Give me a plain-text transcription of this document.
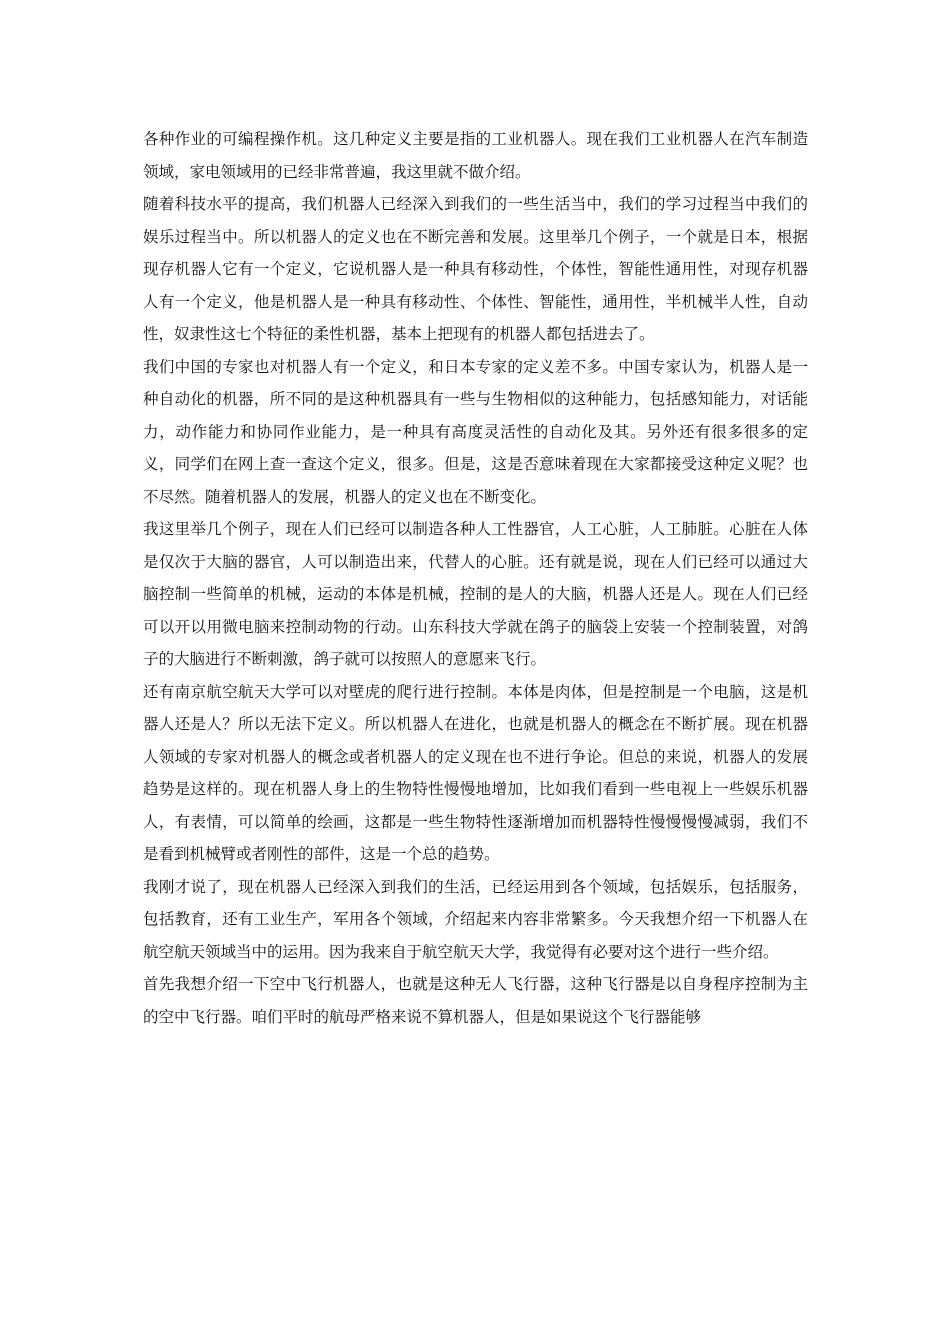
各种作业的可编程操作机。这几种定义主要是指的工业机器人。现在我们工业机器人在汽车制造领域，家电领域用的已经非常普遍，我这里就不做介绍。

随着科技水平的提高，我们机器人已经深入到我们的一些生活当中，我们的学习过程当中我们的娱乐过程当中。所以机器人的定义也在不断完善和发展。这里举几个例子，一个就是日本，根据现存机器人它有一个定义，它说机器人是一种具有移动性，个体性，智能性通用性，对现存机器人有一个定义，他是机器人是一种具有移动性、个体性、智能性，通用性，半机械半人性，自动性，奴隶性这七个特征的柔性机器，基本上把现有的机器人都包括进去了。

我们中国的专家也对机器人有一个定义，和日本专家的定义差不多。中国专家认为，机器人是一种自动化的机器，所不同的是这种机器具有一些与生物相似的这种能力，包括感知能力，对话能力，动作能力和协同作业能力，是一种具有高度灵活性的自动化及其。另外还有很多很多的定义，同学们在网上查一查这个定义，很多。但是，这是否意味着现在大家都接受这种定义呢？也不尽然。随着机器人的发展，机器人的定义也在不断变化。

我这里举几个例子，现在人们已经可以制造各种人工性器官，人工心脏，人工肺脏。心脏在人体是仅次于大脑的器官，人可以制造出来，代替人的心脏。还有就是说，现在人们已经可以通过大脑控制一些简单的机械，运动的本体是机械，控制的是人的大脑，机器人还是人。现在人们已经可以开以用微电脑来控制动物的行动。山东科技大学就在鸽子的脑袋上安装一个控制装置，对鸽子的大脑进行不断刺激，鸽子就可以按照人的意愿来飞行。

还有南京航空航天大学可以对壁虎的爬行进行控制。本体是肉体，但是控制是一个电脑，这是机器人还是人？所以无法下定义。所以机器人在进化，也就是机器人的概念在不断扩展。现在机器人领域的专家对机器人的概念或者机器人的定义现在也不进行争论。但总的来说，机器人的发展趋势是这样的。现在机器人身上的生物特性慢慢地增加，比如我们看到一些电视上一些娱乐机器人，有表情，可以简单的绘画，这都是一些生物特性逐渐增加而机器特性慢慢慢慢减弱，我们不是看到机械臂或者刚性的部件，这是一个总的趋势。

我刚才说了，现在机器人已经深入到我们的生活，已经运用到各个领域，包括娱乐，包括服务，包括教育，还有工业生产，军用各个领域，介绍起来内容非常繁多。今天我想介绍一下机器人在航空航天领域当中的运用。因为我来自于航空航天大学，我觉得有必要对这个进行一些介绍。

首先我想介绍一下空中飞行机器人，也就是这种无人飞行器，这种飞行器是以自身程序控制为主的空中飞行器。咱们平时的航母严格来说不算机器人，但是如果说这个飞行器能够
